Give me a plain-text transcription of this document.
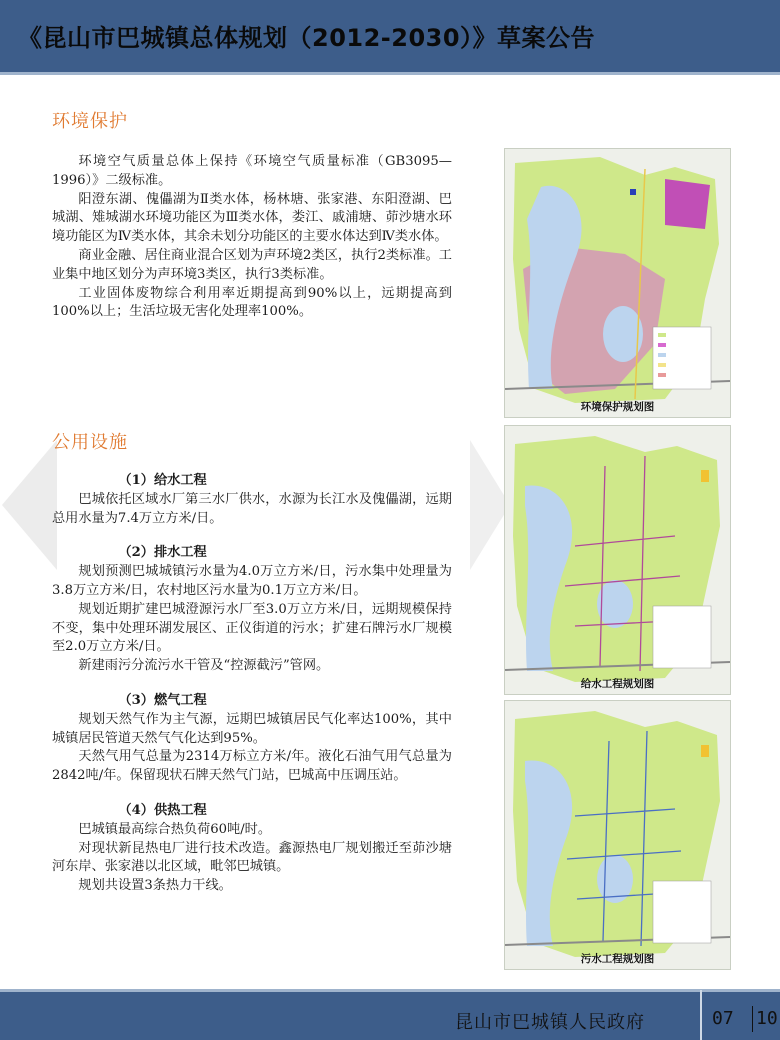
《昆山市巴城镇总体规划（2012-2030）》草案公告
环境保护

环境空气质量总体上保持《环境空气质量标准（GB3095—1996）》二级标准。

阳澄东湖、傀儡湖为Ⅱ类水体，杨林塘、张家港、东阳澄湖、巴城湖、雉城湖水环境功能区为Ⅲ类水体，娄江、戚浦塘、茆沙塘水环境功能区为Ⅳ类水体，其余未划分功能区的主要水体达到Ⅳ类水体。

商业金融、居住商业混合区划为声环境2类区，执行2类标准。工业集中地区划分为声环境3类区，执行3类标准。

工业固体废物综合利用率近期提高到90%以上，远期提高到100%以上；生活垃圾无害化处理率100%。

公用设施

（1）给水工程

巴城依托区域水厂第三水厂供水，水源为长江水及傀儡湖，远期总用水量为7.4万立方米/日。

（2）排水工程

规划预测巴城城镇污水量为4.0万立方米/日，污水集中处理量为3.8万立方米/日，农村地区污水量为0.1万立方米/日。

规划近期扩建巴城澄源污水厂至3.0万立方米/日，远期规模保持不变，集中处理环湖发展区、正仪街道的污水；扩建石牌污水厂规模至2.0万立方米/日。

新建雨污分流污水干管及“控源截污”管网。

（3）燃气工程

规划天然气作为主气源，远期巴城镇居民气化率达100%，其中城镇居民管道天然气气化达到95%。

天然气用气总量为2314万标立方米/年。液化石油气用气总量为2842吨/年。保留现状石牌天然气门站，巴城高中压调压站。

（4）供热工程

巴城镇最高综合热负荷60吨/时。

对现状新昆热电厂进行技术改造。鑫源热电厂规划搬迁至茆沙塘河东岸、张家港以北区域，毗邻巴城镇。

规划共设置3条热力干线。

环境保护规划图
给水工程规划图
污水工程规划图
昆山市巴城镇人民政府	07 10
